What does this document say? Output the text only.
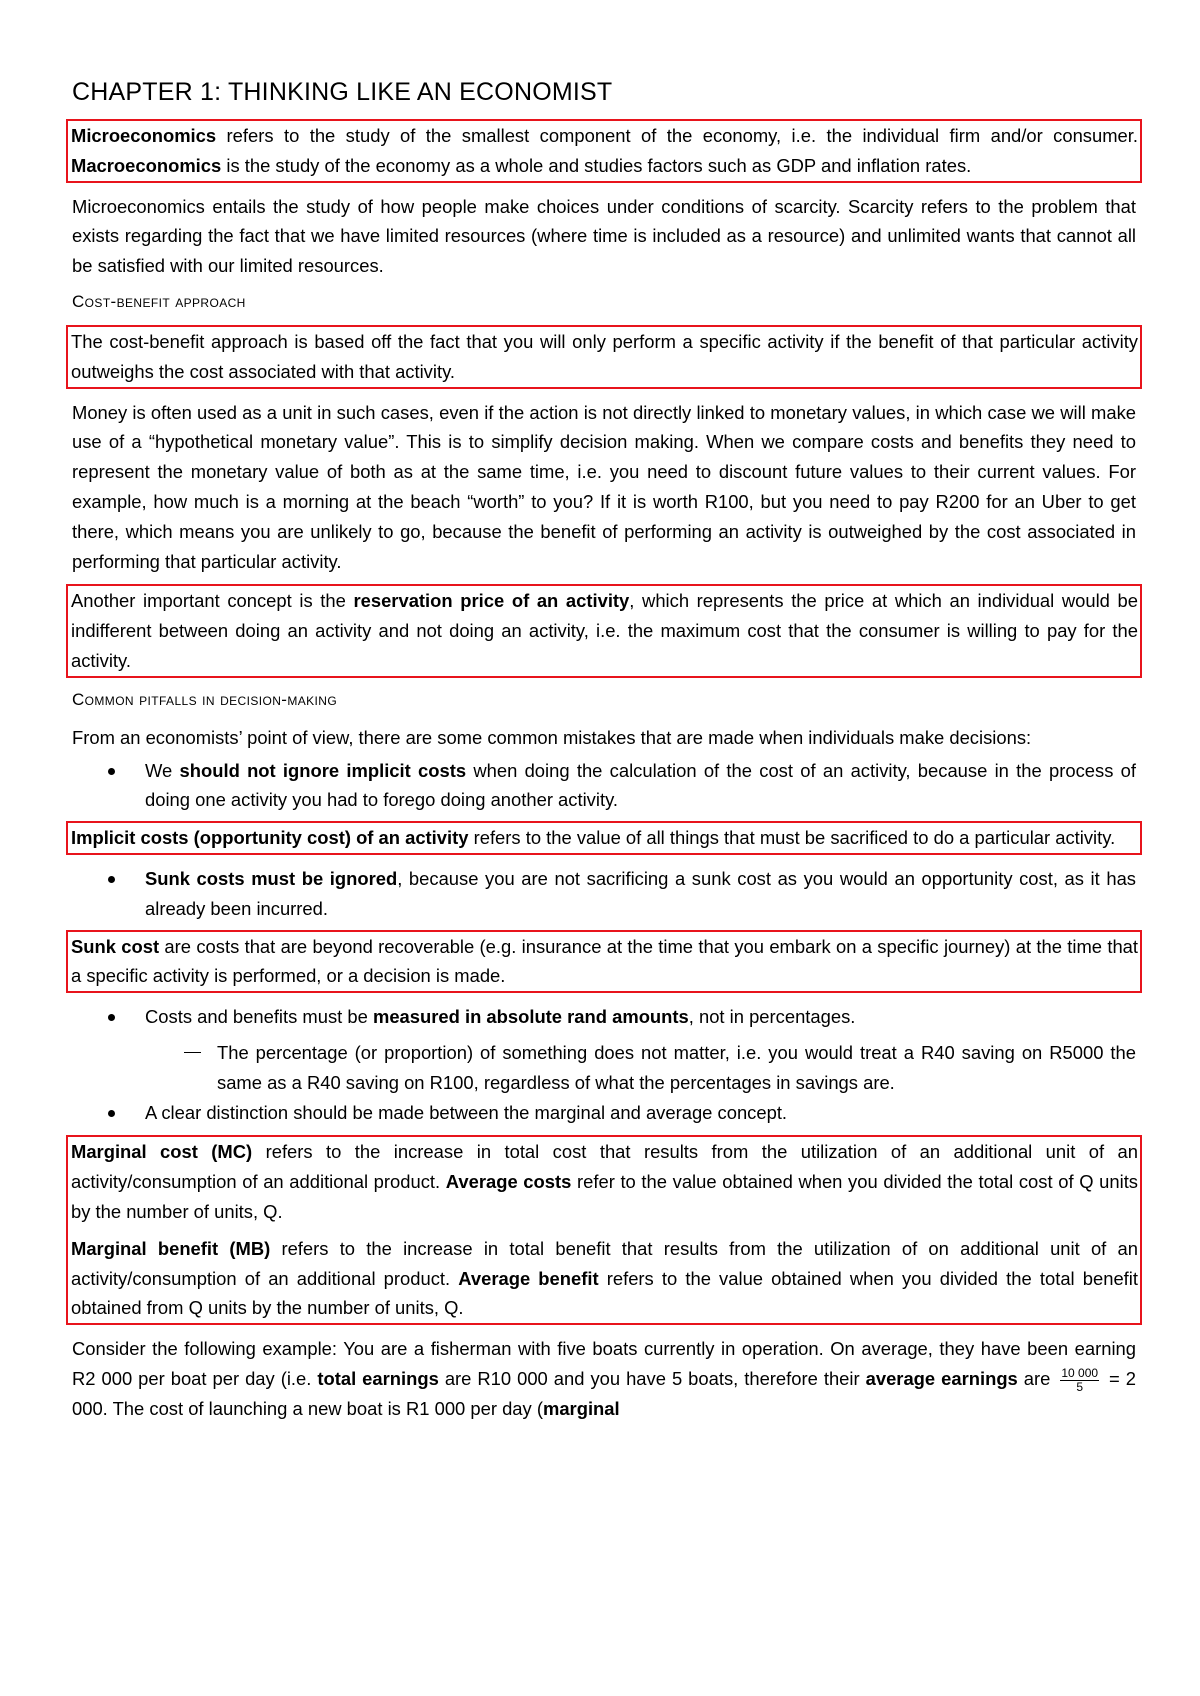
CHAPTER 1: THINKING LIKE AN ECONOMIST

Microeconomics refers to the study of the smallest component of the economy, i.e. the individual firm and/or consumer. Macroeconomics is the study of the economy as a whole and studies factors such as GDP and inflation rates.

Microeconomics entails the study of how people make choices under conditions of scarcity. Scarcity refers to the problem that exists regarding the fact that we have limited resources (where time is included as a resource) and unlimited wants that cannot all be satisfied with our limited resources.

Cost-benefit approach

The cost-benefit approach is based off the fact that you will only perform a specific activity if the benefit of that particular activity outweighs the cost associated with that activity.

Money is often used as a unit in such cases, even if the action is not directly linked to monetary values, in which case we will make use of a “hypothetical monetary value”. This is to simplify decision making. When we compare costs and benefits they need to represent the monetary value of both as at the same time, i.e. you need to discount future values to their current values. For example, how much is a morning at the beach “worth” to you? If it is worth R100, but you need to pay R200 for an Uber to get there, which means you are unlikely to go, because the benefit of performing an activity is outweighed by the cost associated in performing that particular activity.

Another important concept is the reservation price of an activity, which represents the price at which an individual would be indifferent between doing an activity and not doing an activity, i.e. the maximum cost that the consumer is willing to pay for the activity.

Common pitfalls in decision-making

From an economists’ point of view, there are some common mistakes that are made when individuals make decisions:

We should not ignore implicit costs when doing the calculation of the cost of an activity, because in the process of doing one activity you had to forego doing another activity.

Implicit costs (opportunity cost) of an activity refers to the value of all things that must be sacrificed to do a particular activity.

Sunk costs must be ignored, because you are not sacrificing a sunk cost as you would an opportunity cost, as it has already been incurred.

Sunk cost are costs that are beyond recoverable (e.g. insurance at the time that you embark on a specific journey) at the time that a specific activity is performed, or a decision is made.

Costs and benefits must be measured in absolute rand amounts, not in percentages.
The percentage (or proportion) of something does not matter, i.e. you would treat a R40 saving on R5000 the same as a R40 saving on R100, regardless of what the percentages in savings are.
A clear distinction should be made between the marginal and average concept.

Marginal cost (MC) refers to the increase in total cost that results from the utilization of an additional unit of an activity/consumption of an additional product. Average costs refer to the value obtained when you divided the total cost of Q units by the number of units, Q.

Marginal benefit (MB) refers to the increase in total benefit that results from the utilization of on additional unit of an activity/consumption of an additional product. Average benefit refers to the value obtained when you divided the total benefit obtained from Q units by the number of units, Q.

Consider the following example: You are a fisherman with five boats currently in operation. On average, they have been earning R2 000 per boat per day (i.e. total earnings are R10 000 and you have 5 boats, therefore their average earnings are $\frac{10 000}{5} = 2$ 000. The cost of launching a new boat is R1 000 per day (marginal
